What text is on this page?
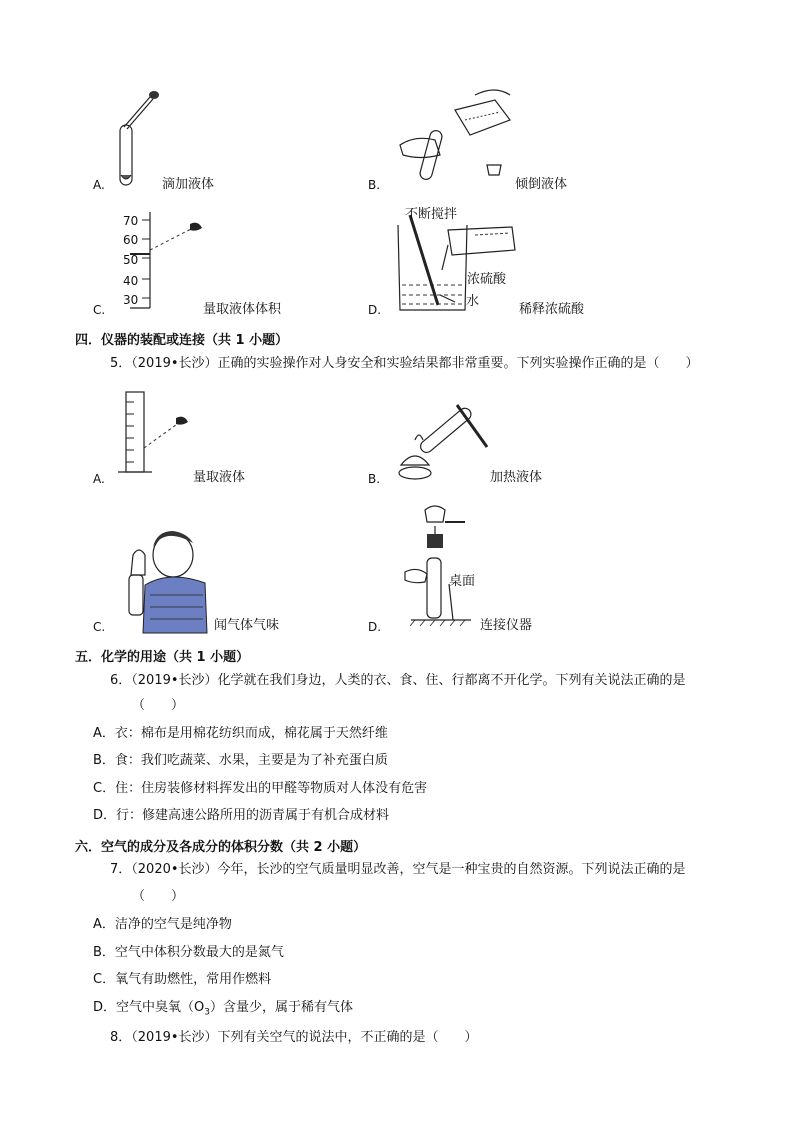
A.	滴加液体	B.	倾倒液体
70
60
50
40
30
C.	量取液体体积
不断搅拌
浓硫酸
水
D.	稀释浓硫酸
四．仪器的装配或连接（共 1 小题）
5．（2019•长沙）正确的实验操作对人身安全和实验结果都非常重要。下列实验操作正确的是（　　）
A.	量取液体	B.	加热液体
C.	闻气体气味
桌面
D.	连接仪器
五．化学的用途（共 1 小题）
6．（2019•长沙）化学就在我们身边，人类的衣、食、住、行都离不开化学。下列有关说法正确的是
（　　）
A．衣：棉布是用棉花纺织而成，棉花属于天然纤维
B．食：我们吃蔬菜、水果，主要是为了补充蛋白质
C．住：住房装修材料挥发出的甲醛等物质对人体没有危害
D．行：修建高速公路所用的沥青属于有机合成材料
六．空气的成分及各成分的体积分数（共 2 小题）
7．（2020•长沙）今年，长沙的空气质量明显改善，空气是一种宝贵的自然资源。下列说法正确的是
（　　）
A．洁净的空气是纯净物
B．空气中体积分数最大的是氮气
C．氧气有助燃性，常用作燃料
D．空气中臭氧$(O_3)$含量少，属于稀有气体
8．（2019•长沙）下列有关空气的说法中，不正确的是（　　）
